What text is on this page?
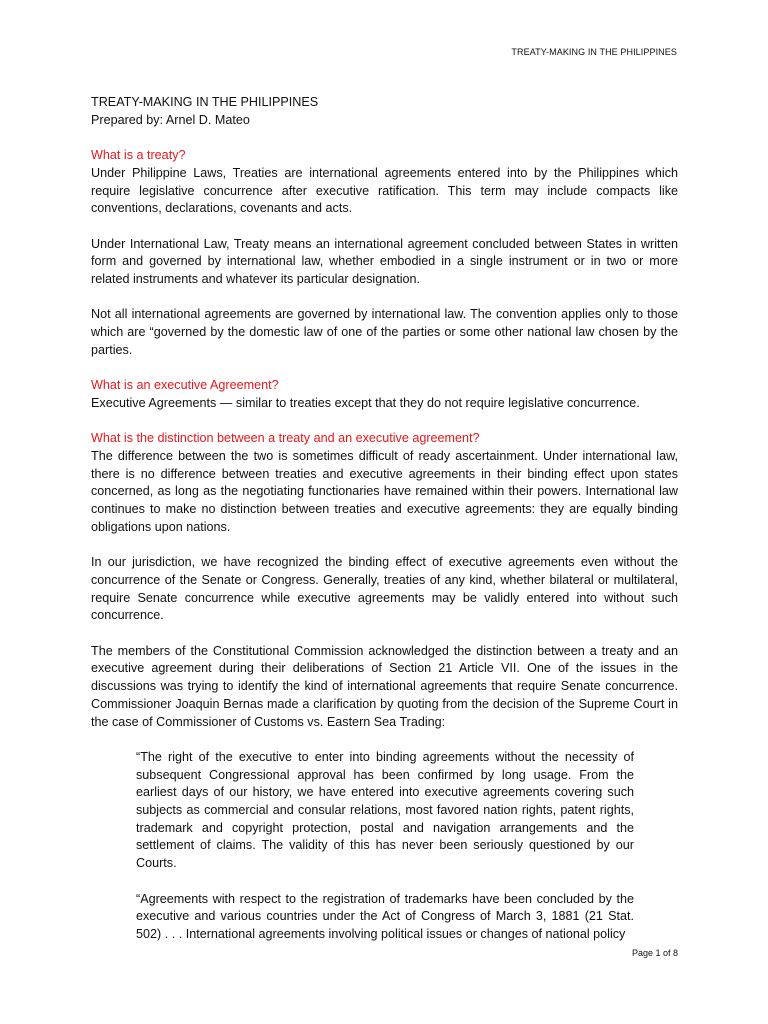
TREATY-MAKING IN THE PHILIPPINES
TREATY-MAKING IN THE PHILIPPINES
Prepared by: Arnel D. Mateo
What is a treaty?

Under Philippine Laws, Treaties are international agreements entered into by the Philippines which require legislative concurrence after executive ratification. This term may include compacts like conventions, declarations, covenants and acts.

Under International Law, Treaty means an international agreement concluded between States in written form and governed by international law, whether embodied in a single instrument or in two or more related instruments and whatever its particular designation.

Not all international agreements are governed by international law. The convention applies only to those which are “governed by the domestic law of one of the parties or some other national law chosen by the parties.

What is an executive Agreement?

Executive Agreements — similar to treaties except that they do not require legislative concurrence.

What is the distinction between a treaty and an executive agreement?

The difference between the two is sometimes difficult of ready ascertainment. Under international law, there is no difference between treaties and executive agreements in their binding effect upon states concerned, as long as the negotiating functionaries have remained within their powers. International law continues to make no distinction between treaties and executive agreements: they are equally binding obligations upon nations.

In our jurisdiction, we have recognized the binding effect of executive agreements even without the concurrence of the Senate or Congress. Generally, treaties of any kind, whether bilateral or multilateral, require Senate concurrence while executive agreements may be validly entered into without such concurrence.

The members of the Constitutional Commission acknowledged the distinction between a treaty and an executive agreement during their deliberations of Section 21 Article VII. One of the issues in the discussions was trying to identify the kind of international agreements that require Senate concurrence. Commissioner Joaquin Bernas made a clarification by quoting from the decision of the Supreme Court in the case of Commissioner of Customs vs. Eastern Sea Trading:

“The right of the executive to enter into binding agreements without the necessity of subsequent Congressional approval has been confirmed by long usage. From the earliest days of our history, we have entered into executive agreements covering such subjects as commercial and consular relations, most favored nation rights, patent rights, trademark and copyright protection, postal and navigation arrangements and the settlement of claims. The validity of this has never been seriously questioned by our Courts.

“Agreements with respect to the registration of trademarks have been concluded by the executive and various countries under the Act of Congress of March 3, 1881 (21 Stat. 502) . . . International agreements involving political issues or changes of national policy

Page 1 of 8
